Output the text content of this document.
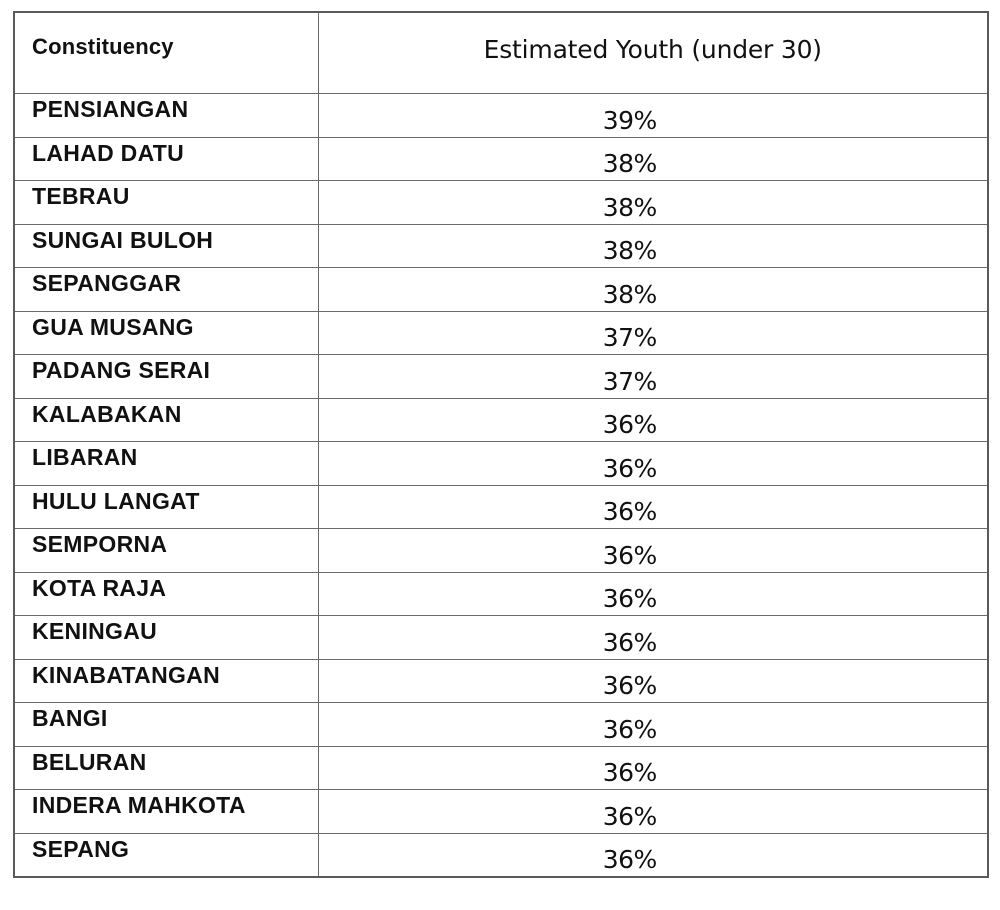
Constituency	Estimated Youth (under 30)
PENSIANGAN	39%
LAHAD DATU	38%
TEBRAU	38%
SUNGAI BULOH	38%
SEPANGGAR	38%
GUA MUSANG	37%
PADANG SERAI	37%
KALABAKAN	36%
LIBARAN	36%
HULU LANGAT	36%
SEMPORNA	36%
KOTA RAJA	36%
KENINGAU	36%
KINABATANGAN	36%
BANGI	36%
BELURAN	36%
INDERA MAHKOTA	36%
SEPANG	36%
